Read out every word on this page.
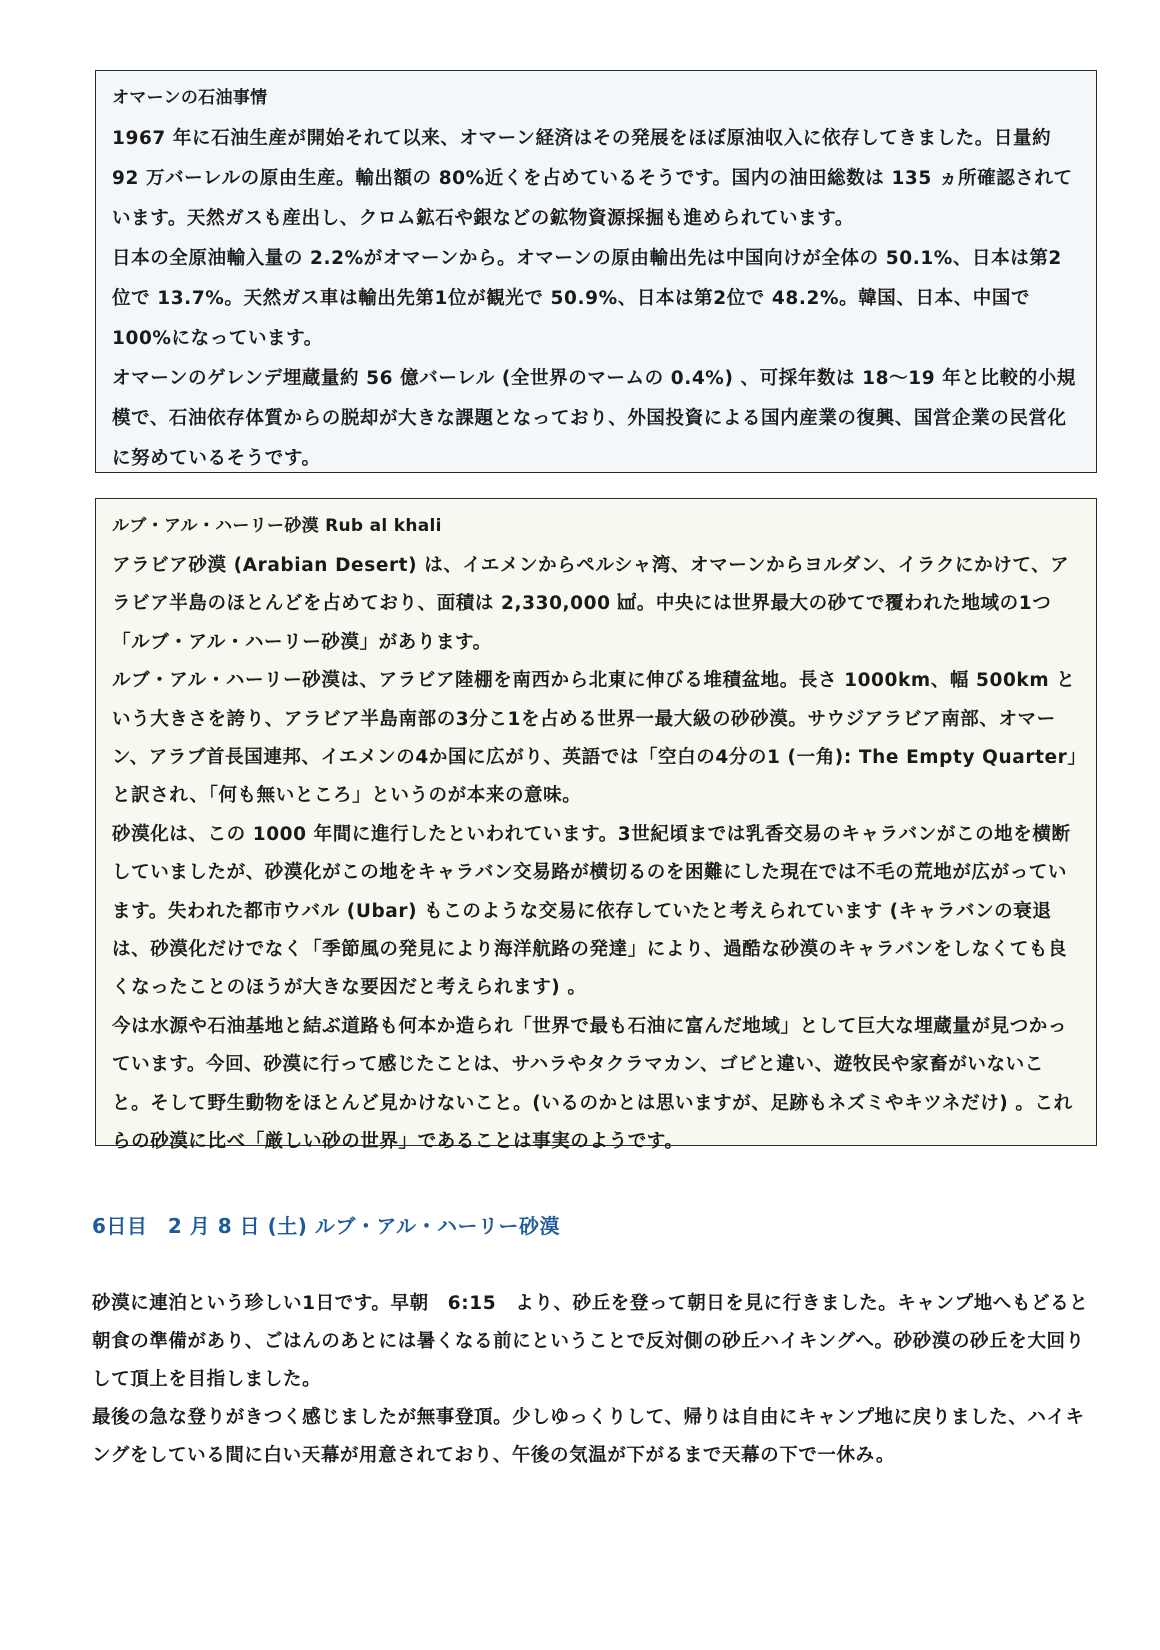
オマーンの石油事情

1967 年に石油生産が開始それて以来、オマーン経済はその発展をほぼ原油収入に依存してきました。日量約 92 万バーレルの原由生産。輸出額の 80%近くを占めているそうです。国内の油田総数は 135 ヵ所確認されています。天然ガスも産出し、クロム鉱石や銀などの鉱物資源採掘も進められています。

日本の全原油輸入量の 2.2%がオマーンから。オマーンの原由輸出先は中国向けが全体の 50.1%、日本は第2位で 13.7%。天然ガス車は輸出先第1位が観光で 50.9%、日本は第2位で 48.2%。韓国、日本、中国で 100%になっています。

オマーンのゲレンデ埋蔵量約 56 億バーレル (全世界のマームの 0.4%) 、可採年数は 18～19 年と比較的小規模で、石油依存体質からの脱却が大きな課題となっており、外国投資による国内産業の復興、国営企業の民営化に努めているそうです。

ルブ・アル・ハーリー砂漠 Rub al khali

アラビア砂漠 (Arabian Desert) は、イエメンからペルシャ湾、オマーンからヨルダン、イラクにかけて、アラビア半島のほとんどを占めており、面積は 2,330,000 ㎢。中央には世界最大の砂てで覆われた地域の1つ「ルブ・アル・ハーリー砂漠」があります。

ルブ・アル・ハーリー砂漠は、アラビア陸棚を南西から北東に伸びる堆積盆地。長さ 1000km、幅 500km という大きさを誇り、アラビア半島南部の3分こ1を占める世界一最大級の砂砂漠。サウジアラビア南部、オマーン、アラブ首長国連邦、イエメンの4か国に広がり、英語では「空白の4分の1 (一角): The Empty Quarter」と訳され、「何も無いところ」というのが本来の意味。

砂漠化は、この 1000 年間に進行したといわれています。3世紀頃までは乳香交易のキャラバンがこの地を横断していましたが、砂漠化がこの地をキャラバン交易路が横切るのを困難にした現在では不毛の荒地が広がっています。失われた都市ウバル (Ubar) もこのような交易に依存していたと考えられています (キャラバンの衰退は、砂漠化だけでなく「季節風の発見により海洋航路の発達」により、過酷な砂漠のキャラバンをしなくても良くなったことのほうが大きな要因だと考えられます) 。

今は水源や石油基地と結ぶ道路も何本か造られ「世界で最も石油に富んだ地域」として巨大な埋蔵量が見つかっています。今回、砂漠に行って感じたことは、サハラやタクラマカン、ゴビと違い、遊牧民や家畜がいないこと。そして野生動物をほとんど見かけないこと。(いるのかとは思いますが、足跡もネズミやキツネだけ) 。これらの砂漠に比べ「厳しい砂の世界」であることは事実のようです。

6日目　2 月 8 日 (土) ルブ・アル・ハーリー砂漠

砂漠に連泊という珍しい1日です。早朝　6:15　より、砂丘を登って朝日を見に行きました。キャンプ地へもどると朝食の準備があり、ごはんのあとには暑くなる前にということで反対側の砂丘ハイキングへ。砂砂漠の砂丘を大回りして頂上を目指しました。

最後の急な登りがきつく感じましたが無事登頂。少しゆっくりして、帰りは自由にキャンプ地に戻りました、ハイキングをしている間に白い天幕が用意されており、午後の気温が下がるまで天幕の下で一休み。
